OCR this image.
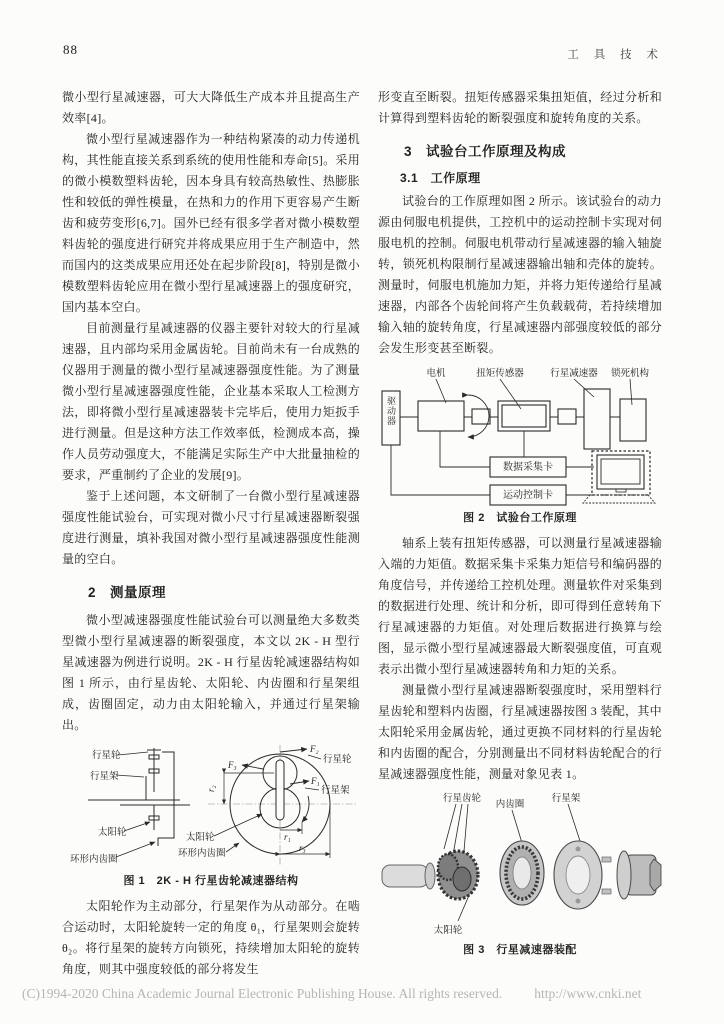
88	工 具 技 术

微小型行星减速器，可大大降低生产成本并且提高生产效率[4]。

微小型行星减速器作为一种结构紧凑的动力传递机构，其性能直接关系到系统的使用性能和寿命[5]。采用的微小模数塑料齿轮，因本身具有较高热敏性、热膨胀性和较低的弹性模量，在热和力的作用下更容易产生断齿和疲劳变形[6,7]。国外已经有很多学者对微小模数塑料齿轮的强度进行研究并将成果应用于生产制造中，然而国内的这类成果应用还处在起步阶段[8]，特别是微小模数塑料齿轮应用在微小型行星减速器上的强度研究，国内基本空白。

目前测量行星减速器的仪器主要针对较大的行星减速器，且内部均采用金属齿轮。目前尚未有一台成熟的仪器用于测量的微小型行星减速器强度性能。为了测量微小型行星减速器强度性能，企业基本采取人工检测方法，即将微小型行星减速器装卡完毕后，使用力矩扳手进行测量。但是这种方法工作效率低，检测成本高，操作人员劳动强度大，不能满足实际生产中大批量抽检的要求，严重制约了企业的发展[9]。

鉴于上述问题，本文研制了一台微小型行星减速器强度性能试验台，可实现对微小尺寸行星减速器断裂强度进行测量，填补我国对微小型行星减速器强度性能测量的空白。

2　测量原理

微小型减速器强度性能试验台可以测量绝大多数类型微小型行星减速器的断裂强度，本文以 2K - H 型行星减速器为例进行说明。2K - H 行星齿轮减速器结构如图 1 所示，由行星齿轮、太阳轮、内齿圈和行星架组成，齿圈固定，动力由太阳轮输入，并通过行星架输出。

行星轮
行星架
太阳轮
环形内齿圈
F₂
F₃
F₁
行星轮
行星架
太阳轮
环形内齿圈
r₂
r₁
r₃
图 1　2K - H 行星齿轮减速器结构

太阳轮作为主动部分，行星架作为从动部分。在啮合运动时，太阳轮旋转一定的角度 θ₁，行星架则会旋转 θ₂。将行星架的旋转方向锁死，持续增加太阳轮的旋转角度，则其中强度较低的部分将发生

形变直至断裂。扭矩传感器采集扭矩值，经过分析和计算得到塑料齿轮的断裂强度和旋转角度的关系。

3　试验台工作原理及构成
3.1　工作原理

试验台的工作原理如图 2 所示。该试验台的动力源由伺服电机提供，工控机中的运动控制卡实现对伺服电机的控制。伺服电机带动行星减速器的输入轴旋转，锁死机构限制行星减速器输出轴和壳体的旋转。测量时，伺服电机施加力矩，并将力矩传递给行星减速器，内部各个齿轮间将产生负载载荷，若持续增加输入轴的旋转角度，行星减速器内部强度较低的部分会发生形变甚至断裂。

电机	扭矩传感器	行星减速器 锁死机构
数据采集卡
运动控制卡
驱动器
图 2　试验台工作原理

轴系上装有扭矩传感器，可以测量行星减速器输入端的力矩值。数据采集卡采集力矩信号和编码器的角度信号，并传递给工控机处理。测量软件对采集到的数据进行处理、统计和分析，即可得到任意转角下行星减速器的力矩值。对处理后数据进行换算与绘图，显示微小型行星减速器最大断裂强度值，可直观表示出微小型行星减速器转角和力矩的关系。

测量微小型行星减速器断裂强度时，采用塑料行星齿轮和塑料内齿圈，行星减速器按图 3 装配，其中太阳轮采用金属齿轮，通过更换不同材料的行星齿轮和内齿圈的配合，分别测量出不同材料齿轮配合的行星减速器强度性能，测量对象见表 1。

行星齿轮
内齿圈
行星架
太阳轮
图 3　行星减速器装配
(C)1994-2020 China Academic Journal Electronic Publishing House. All rights reserved. http://www.cnki.net
